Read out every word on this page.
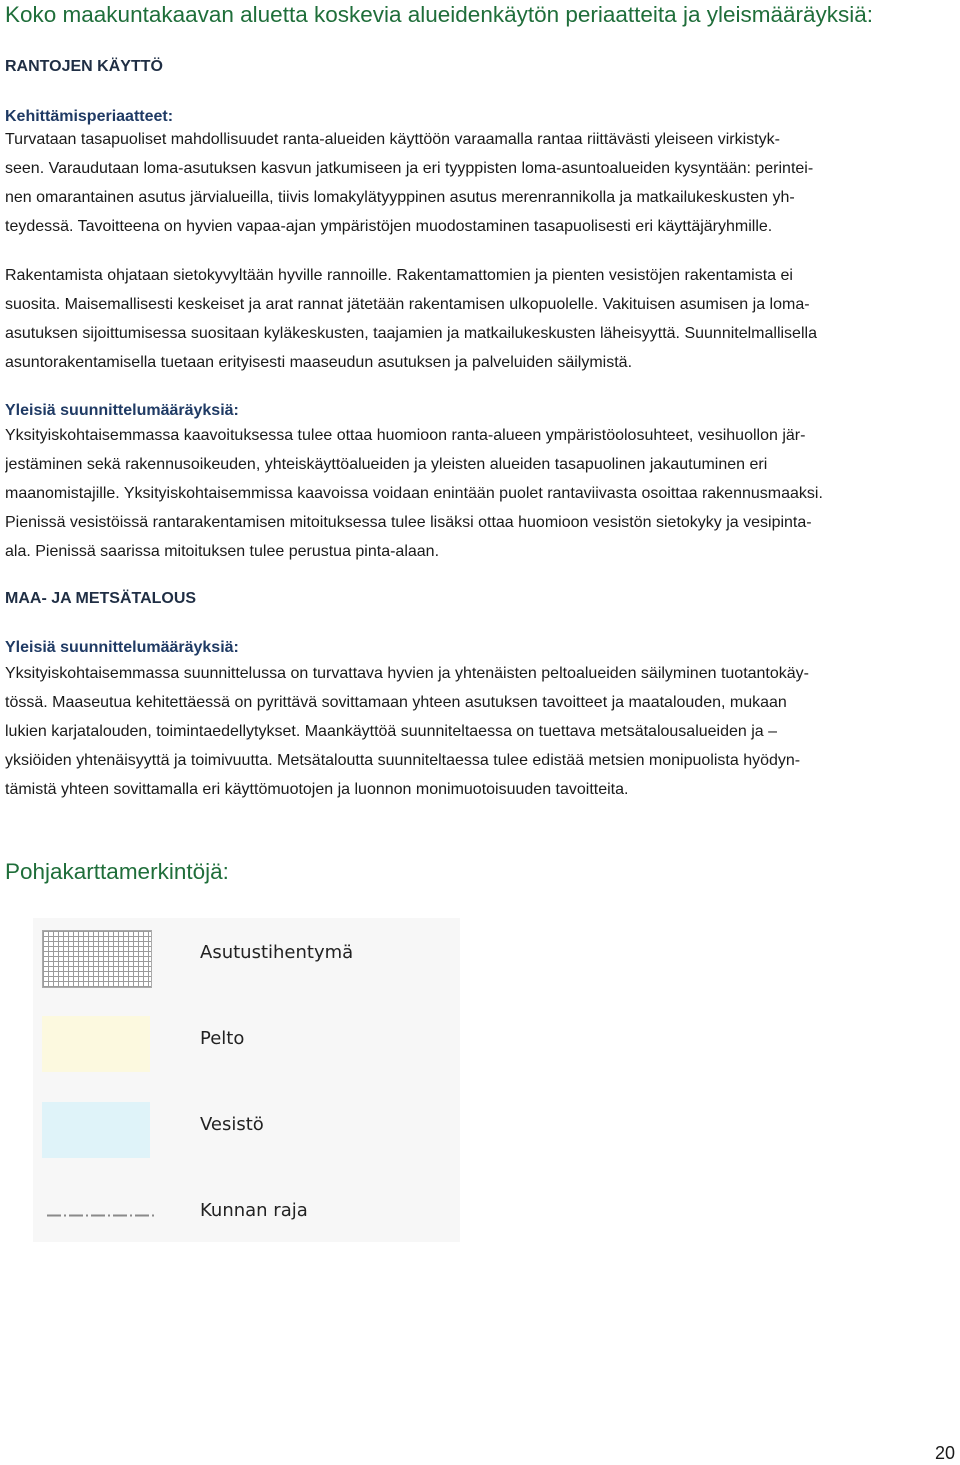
Koko maakuntakaavan aluetta koskevia alueidenkäytön periaatteita ja yleismääräyksiä:
RANTOJEN KÄYTTÖ
Kehittämisperiaatteet:
Turvataan tasapuoliset mahdollisuudet ranta-alueiden käyttöön varaamalla rantaa riittävästi yleiseen virkistyk-
seen. Varaudutaan loma-asutuksen kasvun jatkumiseen ja eri tyyppisten loma-asuntoalueiden kysyntään: perintei-
nen omarantainen asutus järvialueilla, tiivis lomakylätyyppinen asutus merenrannikolla ja matkailukeskusten yh-
teydessä. Tavoitteena on hyvien vapaa-ajan ympäristöjen muodostaminen tasapuolisesti eri käyttäjäryhmille.
Rakentamista ohjataan sietokyvyltään hyville rannoille. Rakentamattomien ja pienten vesistöjen rakentamista ei
suosita. Maisemallisesti keskeiset ja arat rannat jätetään rakentamisen ulkopuolelle. Vakituisen asumisen ja loma-
asutuksen sijoittumisessa suositaan kyläkeskusten, taajamien ja matkailukeskusten läheisyyttä. Suunnitelmallisella
asuntorakentamisella tuetaan erityisesti maaseudun asutuksen ja palveluiden säilymistä.
Yleisiä suunnittelumääräyksiä:
Yksityiskohtaisemmassa kaavoituksessa tulee ottaa huomioon ranta-alueen ympäristöolosuhteet, vesihuollon jär-
jestäminen sekä rakennusoikeuden, yhteiskäyttöalueiden ja yleisten alueiden tasapuolinen jakautuminen eri
maanomistajille. Yksityiskohtaisemmissa kaavoissa voidaan enintään puolet rantaviivasta osoittaa rakennusmaaksi.
Pienissä vesistöissä rantarakentamisen mitoituksessa tulee lisäksi ottaa huomioon vesistön sietokyky ja vesipinta-
ala. Pienissä saarissa mitoituksen tulee perustua pinta-alaan.
MAA- JA METSÄTALOUS
Yleisiä suunnittelumääräyksiä:
Yksityiskohtaisemmassa suunnittelussa on turvattava hyvien ja yhtenäisten peltoalueiden säilyminen tuotantokäy-
tössä. Maaseutua kehitettäessä on pyrittävä sovittamaan yhteen asutuksen tavoitteet ja maatalouden, mukaan
lukien karjatalouden, toimintaedellytykset. Maankäyttöä suunniteltaessa on tuettava metsätalousalueiden ja –
yksiöiden yhtenäisyyttä ja toimivuutta. Metsätaloutta suunniteltaessa tulee edistää metsien monipuolista hyödyn-
tämistä yhteen sovittamalla eri käyttömuotojen ja luonnon monimuotoisuuden tavoitteita.
Pohjakarttamerkintöjä:
Asutustihentymä
Pelto
Vesistö
Kunnan raja
20
